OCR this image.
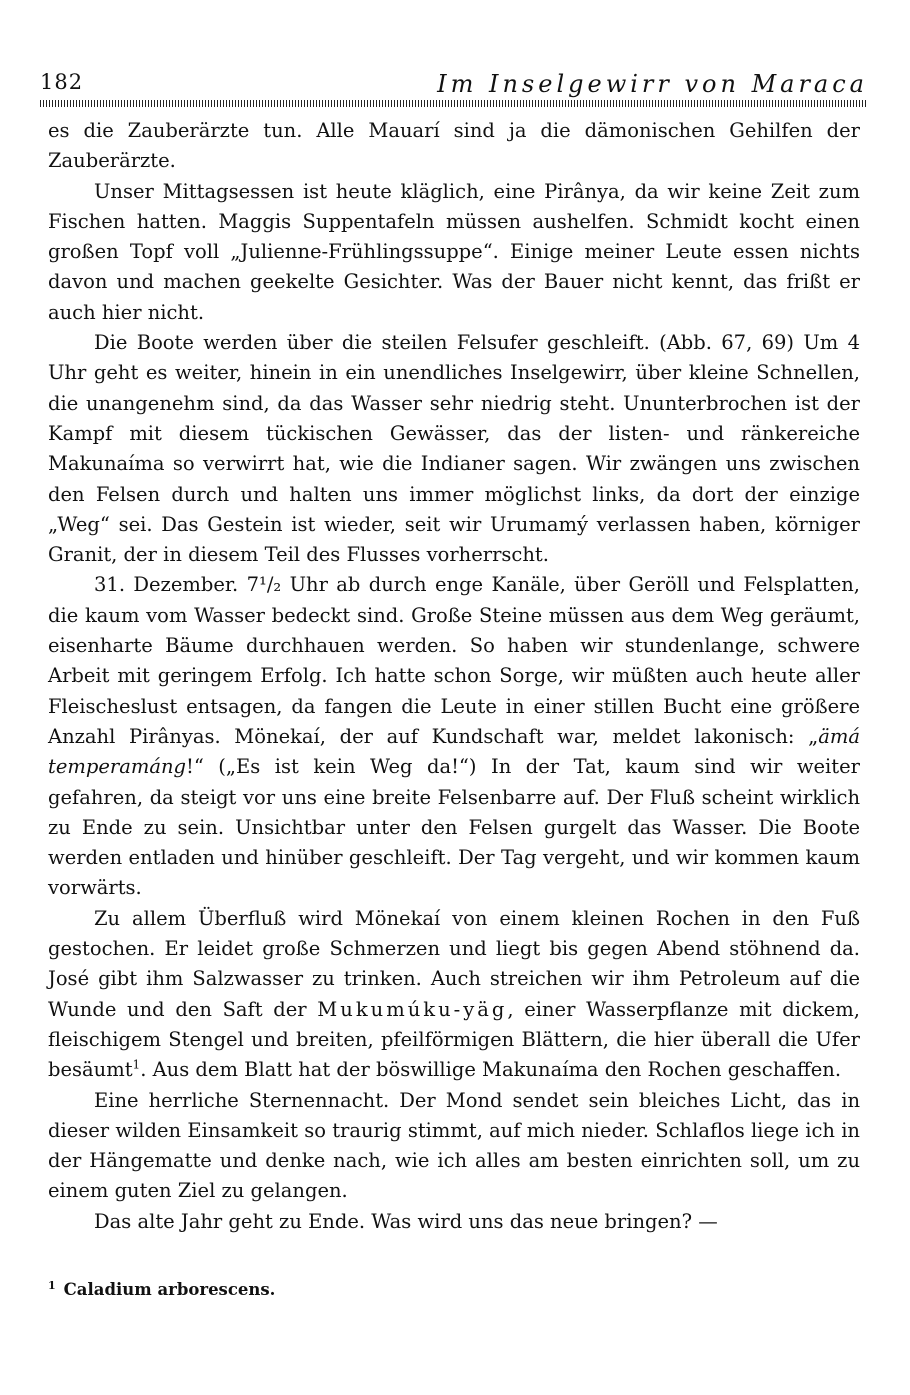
182	Im Inselgewirr von Maraca

es die Zauberärzte tun. Alle Mauarí sind ja die dämonischen Gehilfen der Zauberärzte.

Unser Mittagsessen ist heute kläglich, eine Pirânya, da wir keine Zeit zum Fischen hatten. Maggis Suppentafeln müssen aushelfen. Schmidt kocht einen großen Topf voll „Julienne-Frühlingssuppe“. Einige meiner Leute essen nichts davon und machen geekelte Gesichter. Was der Bauer nicht kennt, das frißt er auch hier nicht.

Die Boote werden über die steilen Felsufer geschleift. (Abb. 67, 69) Um 4 Uhr geht es weiter, hinein in ein unendliches Inselgewirr, über kleine Schnellen, die unangenehm sind, da das Wasser sehr niedrig steht. Ununterbrochen ist der Kampf mit diesem tückischen Gewässer, das der listen- und ränkereiche Makunaíma so verwirrt hat, wie die Indianer sagen. Wir zwängen uns zwischen den Felsen durch und halten uns immer möglichst links, da dort der einzige „Weg“ sei. Das Gestein ist wieder, seit wir Urumamý verlassen haben, körniger Granit, der in diesem Teil des Flusses vorherrscht.

31. Dezember. 7¹/₂ Uhr ab durch enge Kanäle, über Geröll und Felsplatten, die kaum vom Wasser bedeckt sind. Große Steine müssen aus dem Weg geräumt, eisenharte Bäume durchhauen werden. So haben wir stundenlange, schwere Arbeit mit geringem Erfolg. Ich hatte schon Sorge, wir müßten auch heute aller Fleischeslust entsagen, da fangen die Leute in einer stillen Bucht eine größere Anzahl Pirânyas. Mönekaí, der auf Kundschaft war, meldet lakonisch: „ämá temperamáng!“ („Es ist kein Weg da!“) In der Tat, kaum sind wir weiter gefahren, da steigt vor uns eine breite Felsenbarre auf. Der Fluß scheint wirklich zu Ende zu sein. Unsichtbar unter den Felsen gurgelt das Wasser. Die Boote werden entladen und hinüber geschleift. Der Tag vergeht, und wir kommen kaum vorwärts.

Zu allem Überfluß wird Mönekaí von einem kleinen Rochen in den Fuß gestochen. Er leidet große Schmerzen und liegt bis gegen Abend stöhnend da. José gibt ihm Salzwasser zu trinken. Auch streichen wir ihm Petroleum auf die Wunde und den Saft der Mukumúku-yäg, einer Wasserpflanze mit dickem, fleischigem Stengel und breiten, pfeilförmigen Blättern, die hier überall die Ufer besäumt$^1$. Aus dem Blatt hat der böswillige Makunaíma den Rochen geschaffen.

Eine herrliche Sternennacht. Der Mond sendet sein bleiches Licht, das in dieser wilden Einsamkeit so traurig stimmt, auf mich nieder. Schlaflos liege ich in der Hängematte und denke nach, wie ich alles am besten einrichten soll, um zu einem guten Ziel zu gelangen.

Das alte Jahr geht zu Ende. Was wird uns das neue bringen? —

$^1$ Caladium arborescens.
